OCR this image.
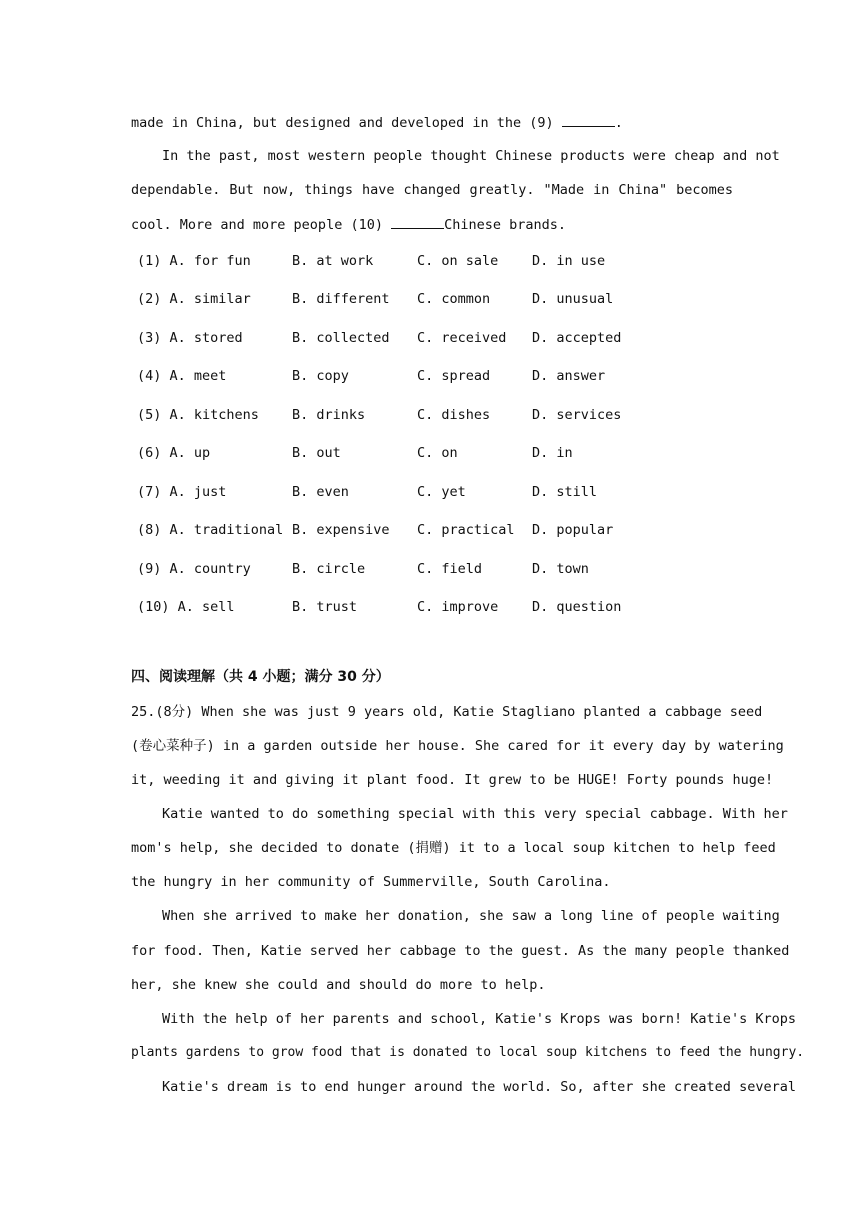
made in China, but designed and developed in the (9)	.
In the past, most western people thought Chinese products were cheap and not
dependable. But now, things have changed greatly. "Made in China" becomes
cool. More and more people (10)	Chinese brands.
(1) A. for fun	B. at work	C. on sale D. in use
(2) A. similar	B. different C. common	D. unusual
(3) A. stored	B. collected C. received D. accepted
(4) A. meet	B. copy	C. spread	D. answer
(5) A. kitchens B. drinks	C. dishes	D. services
(6) A. up	B. out	C. on	D. in
(7) A. just	B. even	C. yet	D. still
(8) A. traditional B. expensive C. practical D. popular
(9) A. country	B. circle	C. field	D. town
(10) A. sell	B. trust	C. improve D. question
四、阅读理解（共 4 小题；满分 30 分）
25.(8分) When she was just 9 years old, Katie Stagliano planted a cabbage seed
(卷心菜种子) in a garden outside her house. She cared for it every day by watering
it, weeding it and giving it plant food. It grew to be HUGE! Forty pounds huge!
Katie wanted to do something special with this very special cabbage. With her
mom's help, she decided to donate (捐赠) it to a local soup kitchen to help feed
the hungry in her community of Summerville, South Carolina.
When she arrived to make her donation, she saw a long line of people waiting
for food. Then, Katie served her cabbage to the guest. As the many people thanked
her, she knew she could and should do more to help.
With the help of her parents and school, Katie's Krops was born! Katie's Krops
plants gardens to grow food that is donated to local soup kitchens to feed the hungry.
Katie's dream is to end hunger around the world. So, after she created several
